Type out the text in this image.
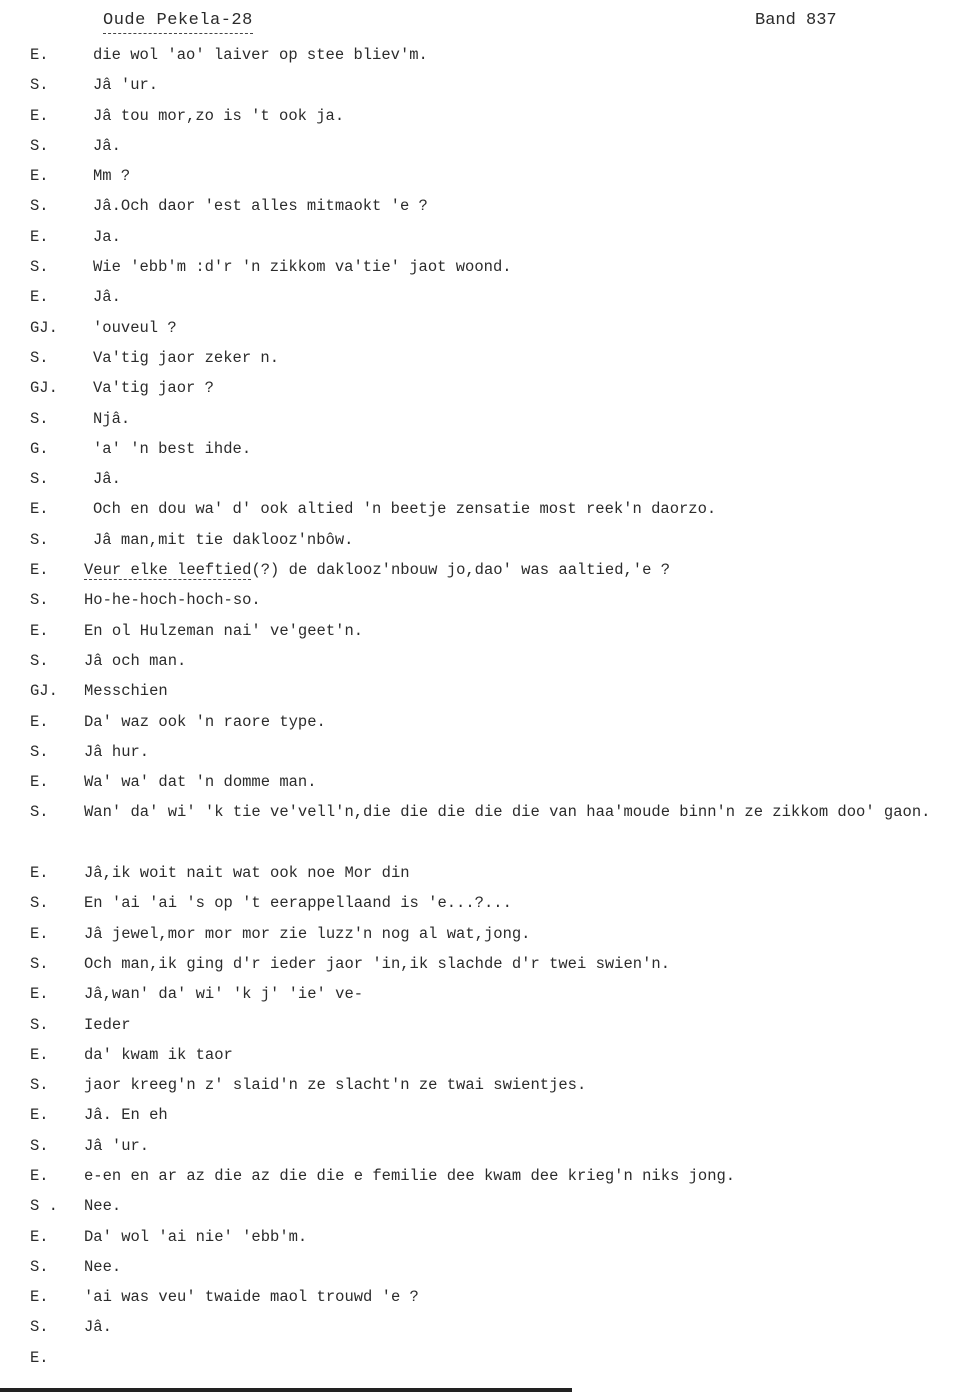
Oude Pekela-28	Band 837
E.	die wol 'ao' laiver op stee bliev'm.
S.	Jâ 'ur.
E.	Jâ tou mor,zo is 't ook ja.
S.	Jâ.
E.	Mm ?
S.	Jâ.Och daor 'est alles mitmaokt 'e ?
E.	Ja.
S.	Wie 'ebb'm :d'r 'n zikkom va'tie' jaot woond.
E.	Jâ.
GJ. 'ouveul ?
S.	Va'tig jaor zeker n.
GJ. Va'tig jaor ?
S.	Njâ.
G.	'a' 'n best ihde.
S.	Jâ.
E.	Och en dou wa' d' ook altied 'n beetje zensatie most reek'n daorzo.
S.	Jâ man,mit tie daklooz'nbôw.
E. Veur elke leeftied(?) de daklooz'nbouw jo,dao' was aaltied,'e ?
S. Ho-he-hoch-hoch-so.
E. En ol Hulzeman nai' ve'geet'n.
S. Jâ och man.
GJ. Messchien
E. Da' waz ook 'n raore type.
S. Jâ hur.
E. Wa' wa' dat 'n domme man.
S. Wan' da' wi' 'k tie ve'vell'n,die die die die die van haa'moude binn'n ze zikkom doo' gaon.
E. Jâ,ik woit nait wat ook noe Mor din
S. En 'ai 'ai 's op 't eerappellaand is 'e...?...
E. Jâ jewel,mor mor mor zie luzz'n nog al wat,jong.
S. Och man,ik ging d'r ieder jaor 'in,ik slachde d'r twei swien'n.
E. Jâ,wan' da' wi' 'k j' 'ie' ve-
S. Ieder
E. da' kwam ik taor
S. jaor kreeg'n z' slaid'n ze slacht'n ze twai swientjes.
E. Jâ. En eh
S. Jâ 'ur.
E. e-en en ar az die az die die e femilie dee kwam dee krieg'n niks jong.
S . Nee.
E. Da' wol 'ai nie' 'ebb'm.
S. Nee.
E. 'ai was veu' twaide maol trouwd 'e ?
S. Jâ.
E.
